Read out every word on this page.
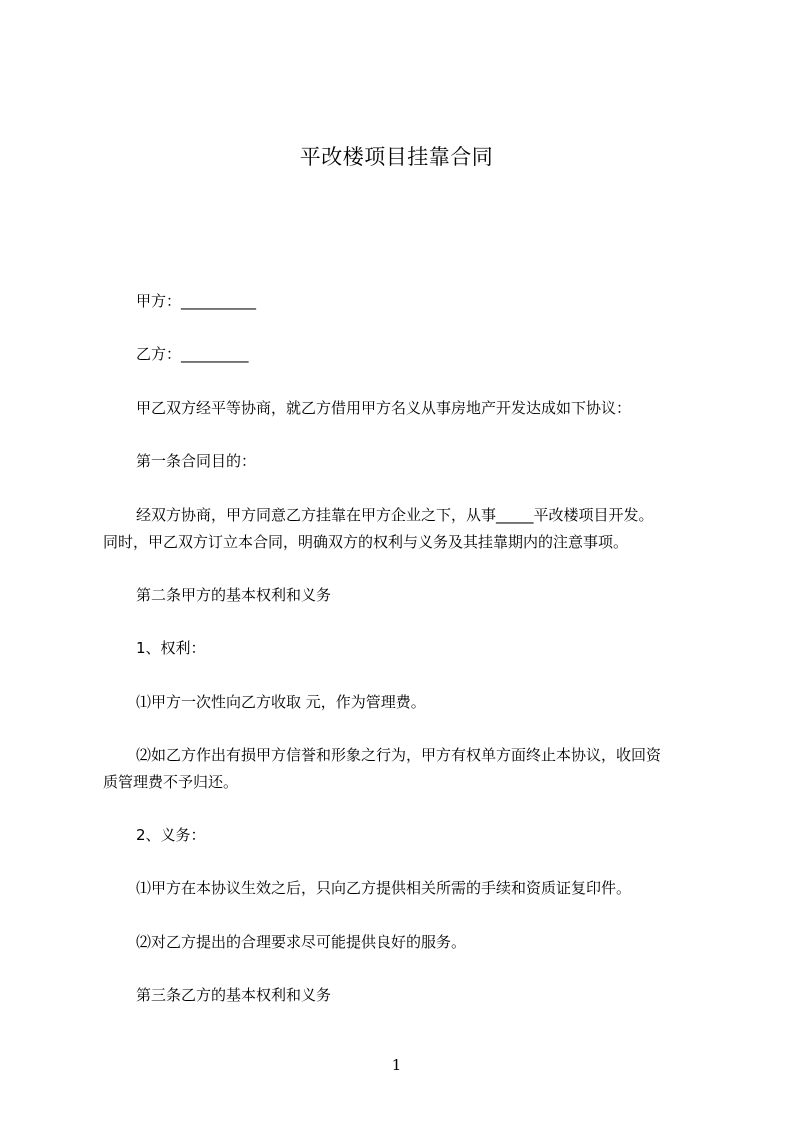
平改楼项目挂靠合同
甲方：__________
乙方：_________
甲乙双方经平等协商，就乙方借用甲方名义从事房地产开发达成如下协议：
第一条合同目的：
经双方协商，甲方同意乙方挂靠在甲方企业之下，从事_____平改楼项目开发。
同时，甲乙双方订立本合同，明确双方的权利与义务及其挂靠期内的注意事项。
第二条甲方的基本权利和义务
1、权利：
⑴甲方一次性向乙方收取 元，作为管理费。
⑵如乙方作出有损甲方信誉和形象之行为，甲方有权单方面终止本协议，收回资
质管理费不予归还。
2、义务：
⑴甲方在本协议生效之后，只向乙方提供相关所需的手续和资质证复印件。
⑵对乙方提出的合理要求尽可能提供良好的服务。
第三条乙方的基本权利和义务
1
